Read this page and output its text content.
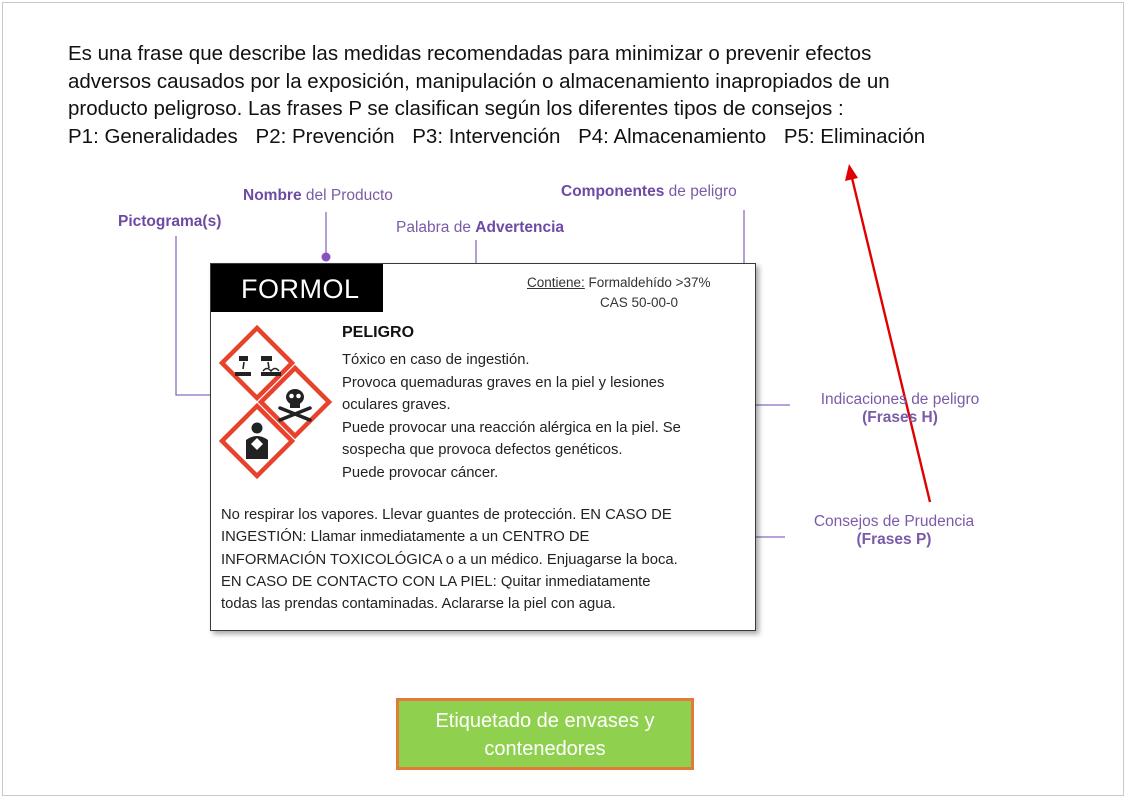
Es una frase que describe las medidas recomendadas para minimizar o prevenir efectos
adversos causados por la exposición, manipulación o almacenamiento inapropiados de un
producto peligroso. Las frases P se clasifican según los diferentes tipos de consejos :
P1: Generalidades P2: Prevención P3: Intervención P4: Almacenamiento P5: Eliminación
Nombre del Producto	Componentes de peligro
Pictograma(s)	Palabra de Advertencia
Indicaciones de peligro
(Frases H)
Consejos de Prudencia
(Frases P)
FORMOL	Contiene: Formaldehído >37%
CAS 50-00-0
PELIGRO
Tóxico en caso de ingestión.
Provoca quemaduras graves en la piel y lesiones
oculares graves.
Puede provocar una reacción alérgica en la piel. Se
sospecha que provoca defectos genéticos.
Puede provocar cáncer.
No respirar los vapores. Llevar guantes de protección. EN CASO DE
INGESTIÓN: Llamar inmediatamente a un CENTRO DE
INFORMACIÓN TOXICOLÓGICA o a un médico. Enjuagarse la boca.
EN CASO DE CONTACTO CON LA PIEL: Quitar inmediatamente
todas las prendas contaminadas. Aclararse la piel con agua.
Etiquetado de envases y
contenedores
